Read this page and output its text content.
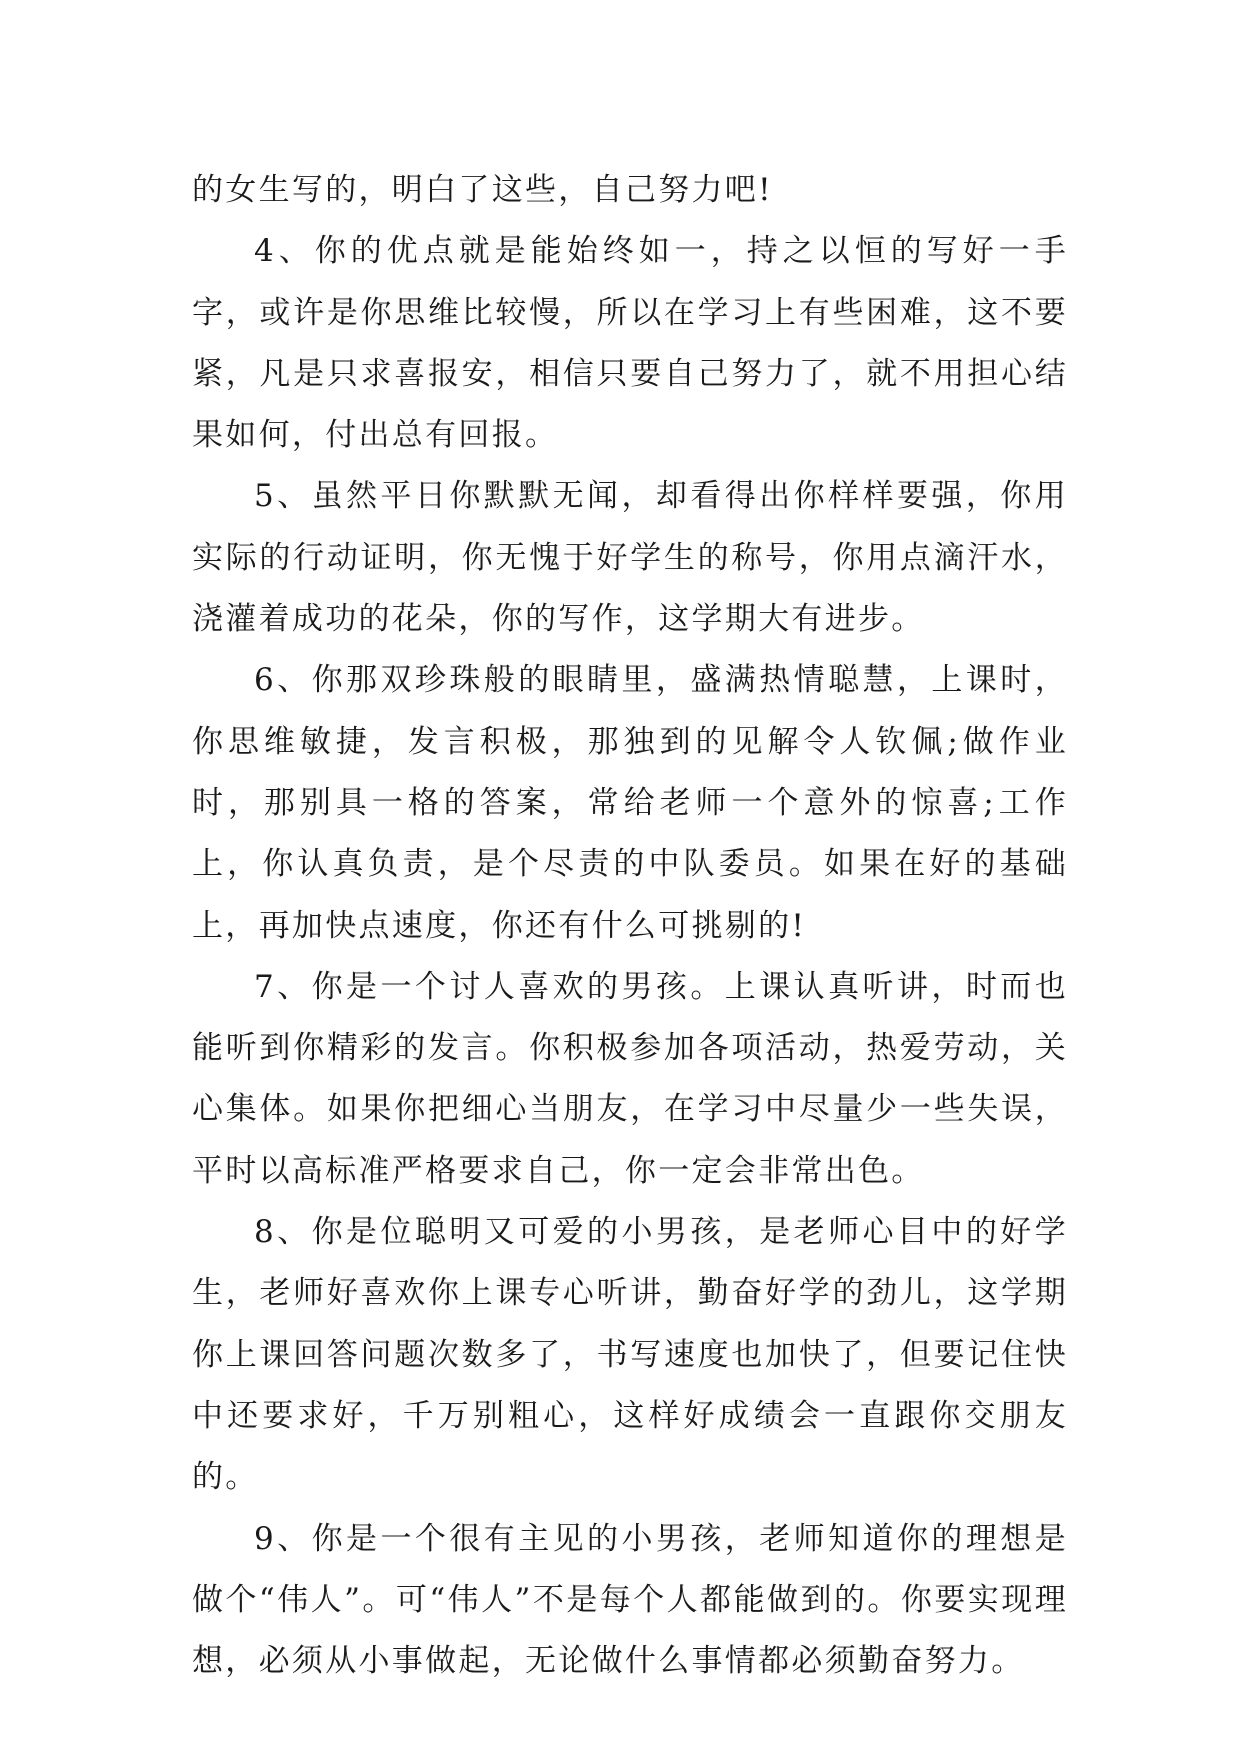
的女生写的，明白了这些，自己努力吧!

4、你的优点就是能始终如一，持之以恒的写好一手字，或许是你思维比较慢，所以在学习上有些困难，这不要紧，凡是只求喜报安，相信只要自己努力了，就不用担心结果如何，付出总有回报。

5、虽然平日你默默无闻，却看得出你样样要强，你用实际的行动证明，你无愧于好学生的称号，你用点滴汗水，浇灌着成功的花朵，你的写作，这学期大有进步。

6、你那双珍珠般的眼睛里，盛满热情聪慧，上课时，你思维敏捷，发言积极，那独到的见解令人钦佩;做作业时，那别具一格的答案，常给老师一个意外的惊喜;工作上，你认真负责，是个尽责的中队委员。如果在好的基础上，再加快点速度，你还有什么可挑剔的!

7、你是一个讨人喜欢的男孩。上课认真听讲，时而也能听到你精彩的发言。你积极参加各项活动，热爱劳动，关心集体。如果你把细心当朋友，在学习中尽量少一些失误，平时以高标准严格要求自己，你一定会非常出色。

8、你是位聪明又可爱的小男孩，是老师心目中的好学生，老师好喜欢你上课专心听讲，勤奋好学的劲儿，这学期你上课回答问题次数多了，书写速度也加快了，但要记住快中还要求好，千万别粗心，这样好成绩会一直跟你交朋友的。

9、你是一个很有主见的小男孩，老师知道你的理想是做个“伟人”。可“伟人”不是每个人都能做到的。你要实现理想，必须从小事做起，无论做什么事情都必须勤奋努力。
